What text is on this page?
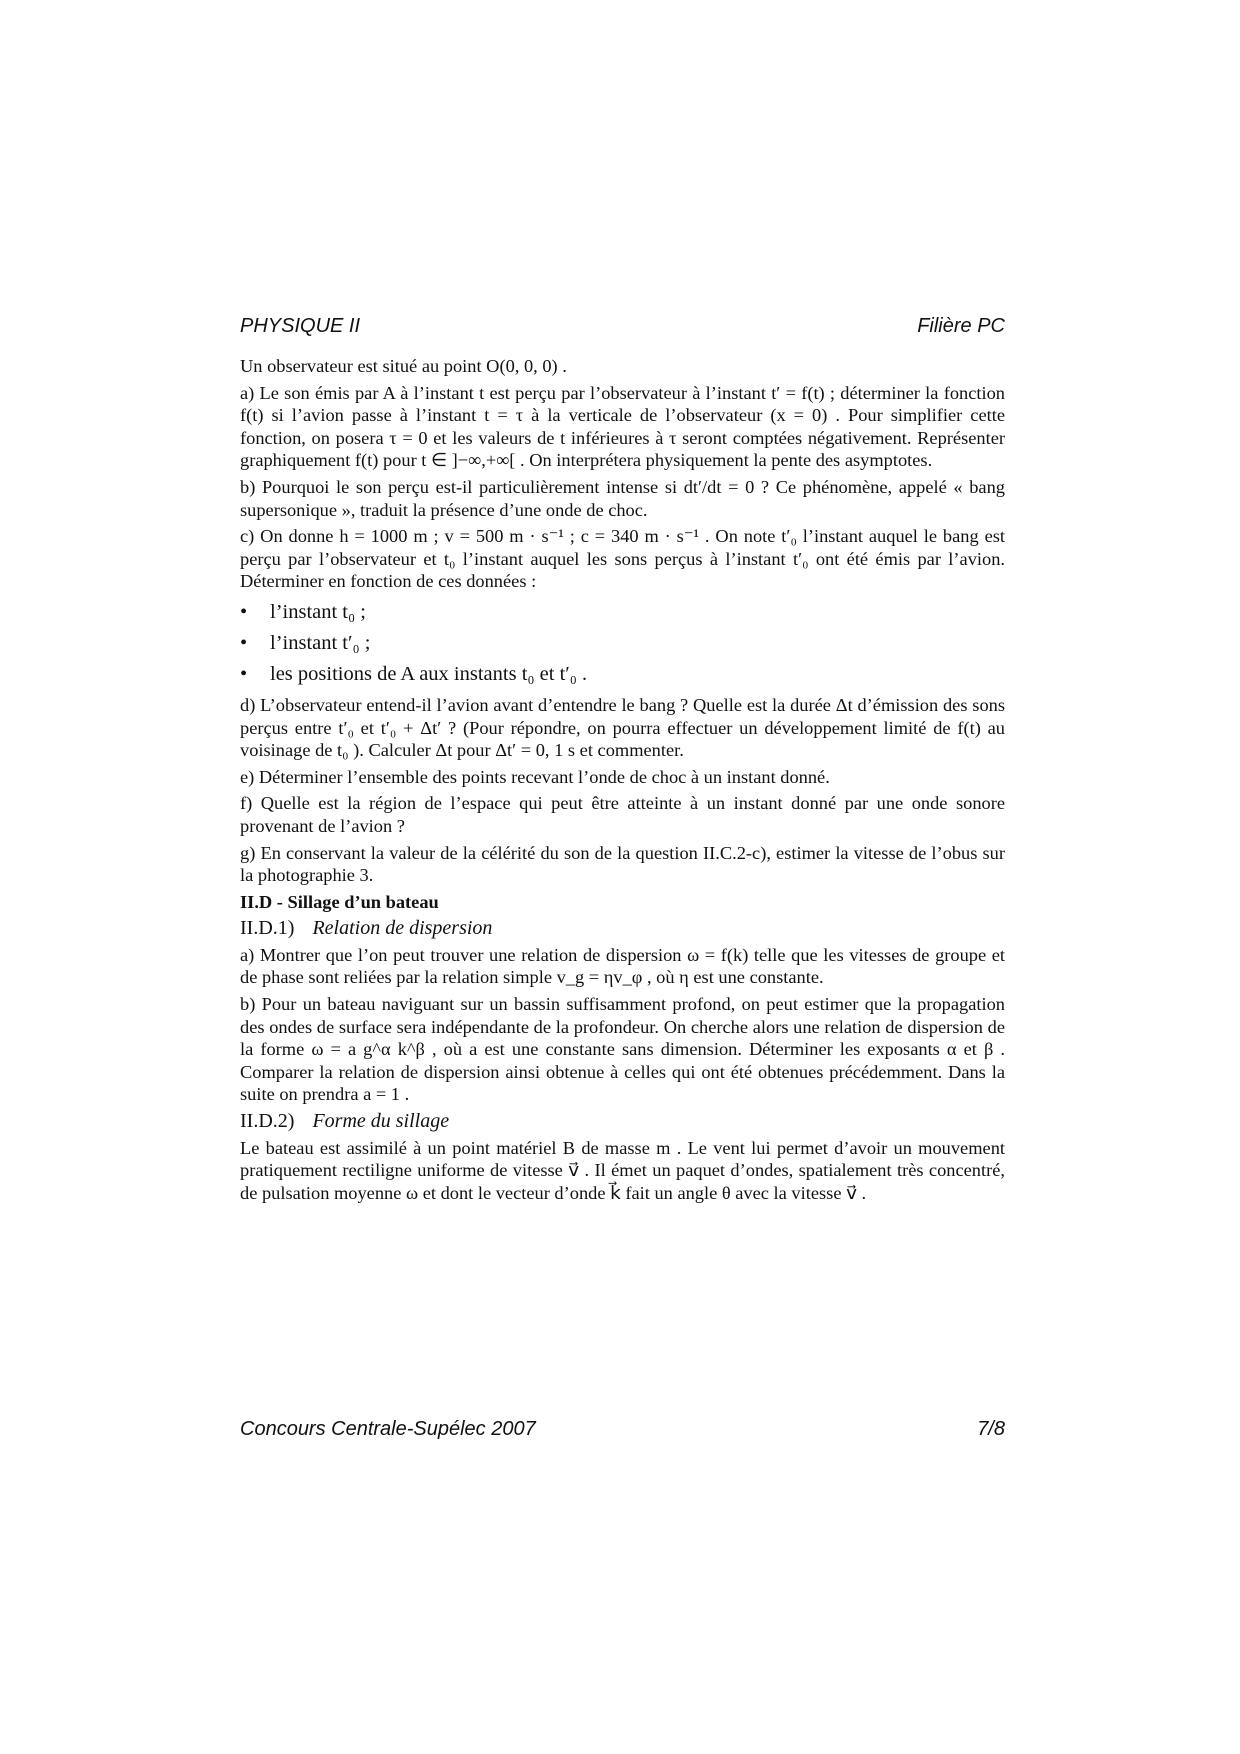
PHYSIQUE II	Filière PC

Un observateur est situé au point O(0, 0, 0) .

a) Le son émis par A à l’instant t est perçu par l’observateur à l’instant t′ = f(t) ; déterminer la fonction f(t) si l’avion passe à l’instant t = τ à la verticale de l’observateur (x = 0) . Pour simplifier cette fonction, on posera τ = 0 et les valeurs de t inférieures à τ seront comptées négativement. Représenter graphiquement f(t) pour t ∈ ]−∞,+∞[ . On interprétera physiquement la pente des asymptotes.

b) Pourquoi le son perçu est-il particulièrement intense si dt′/dt = 0 ? Ce phénomène, appelé « bang supersonique », traduit la présence d’une onde de choc.

c) On donne h = 1000 m ; v = 500 m · s⁻¹ ; c = 340 m · s⁻¹ . On note t′₀ l’instant auquel le bang est perçu par l’observateur et t₀ l’instant auquel les sons perçus à l’instant t′₀ ont été émis par l’avion. Déterminer en fonction de ces données :

• l’instant t₀ ;
• l’instant t′₀ ;
• les positions de A aux instants t₀ et t′₀ .

d) L’observateur entend-il l’avion avant d’entendre le bang ? Quelle est la durée Δt d’émission des sons perçus entre t′₀ et t′₀ + Δt′ ? (Pour répondre, on pourra effectuer un développement limité de f(t) au voisinage de t₀ ). Calculer Δt pour Δt′ = 0, 1 s et commenter.

e) Déterminer l’ensemble des points recevant l’onde de choc à un instant donné.

f) Quelle est la région de l’espace qui peut être atteinte à un instant donné par une onde sonore provenant de l’avion ?

g) En conservant la valeur de la célérité du son de la question II.C.2-c), estimer la vitesse de l’obus sur la photographie 3.

II.D - Sillage d’un bateau

II.D.1) Relation de dispersion

a) Montrer que l’on peut trouver une relation de dispersion ω = f(k) telle que les vitesses de groupe et de phase sont reliées par la relation simple v_g = ηv_φ , où η est une constante.

b) Pour un bateau naviguant sur un bassin suffisamment profond, on peut estimer que la propagation des ondes de surface sera indépendante de la profondeur. On cherche alors une relation de dispersion de la forme ω = a g^α k^β , où a est une constante sans dimension. Déterminer les exposants α et β . Comparer la relation de dispersion ainsi obtenue à celles qui ont été obtenues précédemment. Dans la suite on prendra a = 1 .

II.D.2) Forme du sillage

Le bateau est assimilé à un point matériel B de masse m . Le vent lui permet d’avoir un mouvement pratiquement rectiligne uniforme de vitesse v⃗ . Il émet un paquet d’ondes, spatialement très concentré, de pulsation moyenne ω et dont le vecteur d’onde k⃗ fait un angle θ avec la vitesse v⃗ .

Concours Centrale-Supélec 2007	7/8
